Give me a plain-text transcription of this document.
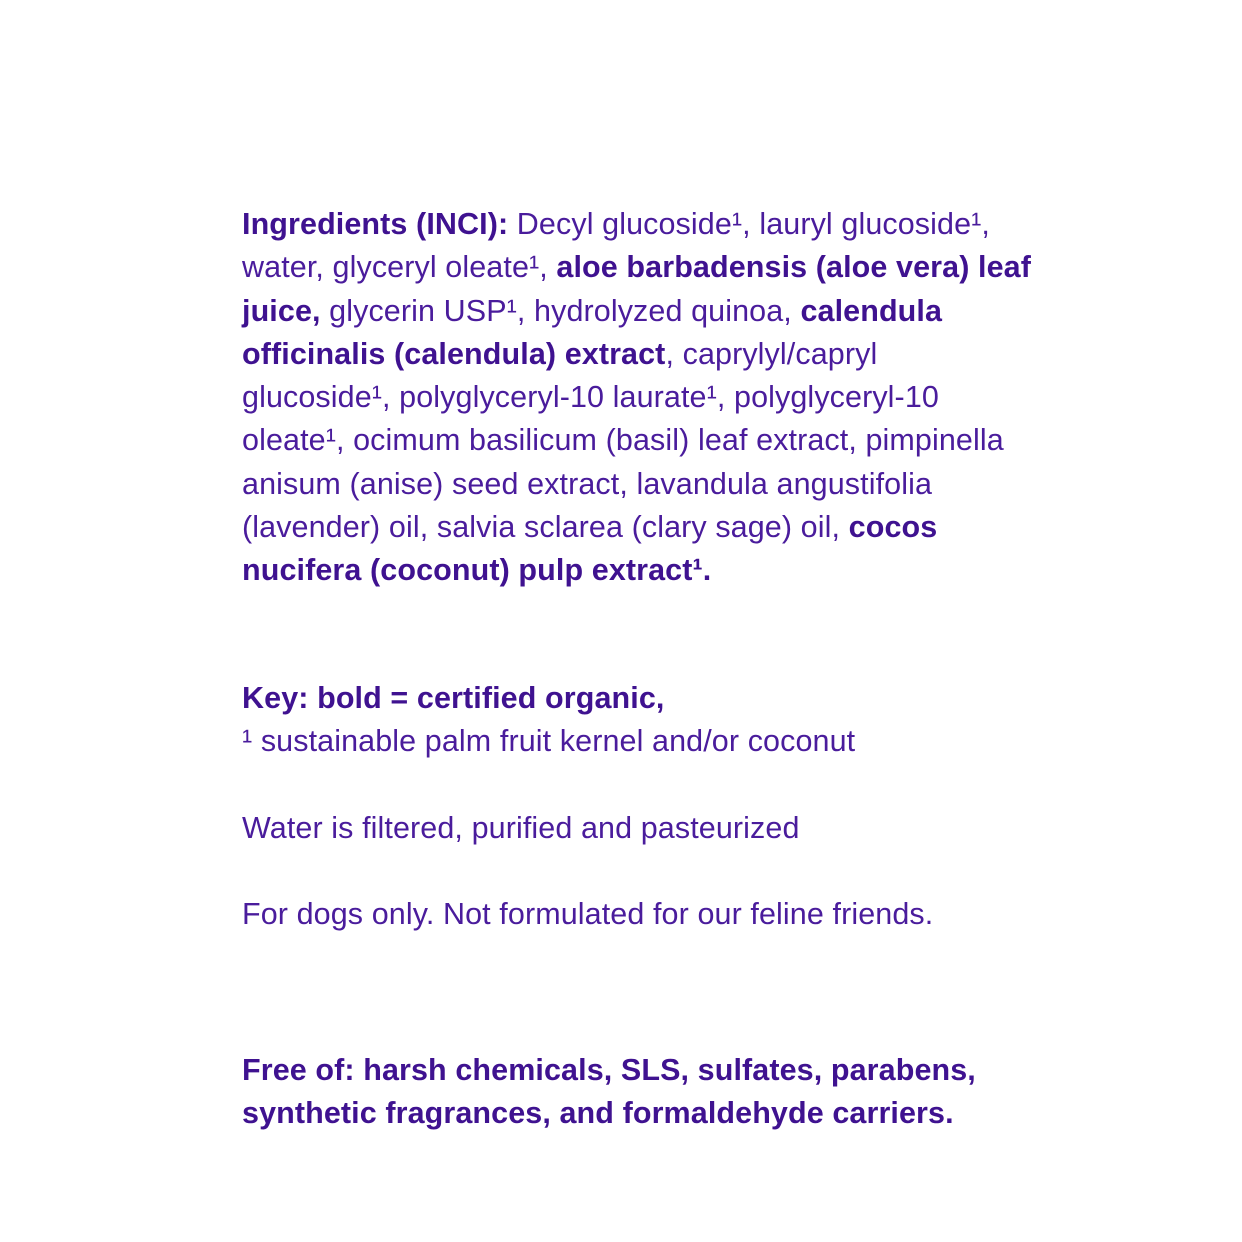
Ingredients (INCI): Decyl glucoside¹, lauryl glucoside¹, water, glyceryl oleate¹, aloe barbadensis (aloe vera) leaf juice, glycerin USP¹, hydrolyzed quinoa, calendula officinalis (calendula) extract, caprylyl/capryl glucoside¹, polyglyceryl-10 laurate¹, polyglyceryl-10 oleate¹, ocimum basilicum (basil) leaf extract, pimpinella anisum (anise) seed extract, lavandula angustifolia (lavender) oil, salvia sclarea (clary sage) oil, cocos nucifera (coconut) pulp extract¹.

Key: bold = certified organic,

¹ sustainable palm fruit kernel and/or coconut

Water is filtered, purified and pasteurized

For dogs only. Not formulated for our feline friends.

Free of: harsh chemicals, SLS, sulfates, parabens, synthetic fragrances, and formaldehyde carriers.
